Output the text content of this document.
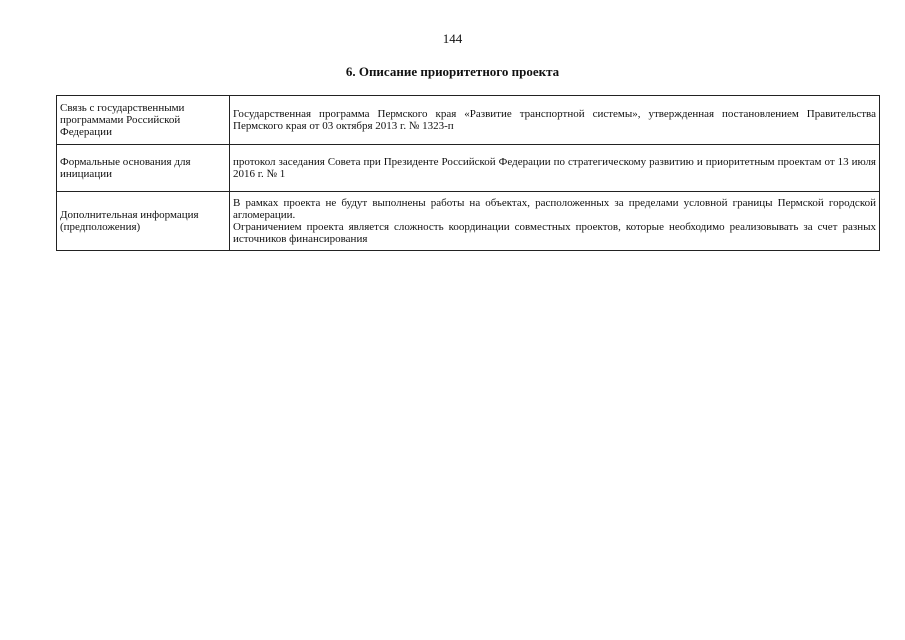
144
6. Описание приоритетного проекта
Связь с государственными программами Российской Федерации	Государственная программа Пермского края «Развитие транспортной системы», утвержденная постановлением Правительства Пермского края от 03 октября 2013 г. № 1323-п

Формальные основания для инициации	протокол заседания Совета при Президенте Российской Федерации по стратегическому развитию и приоритетным проектам от 13 июля 2016 г. № 1

Дополнительная информация (предположения)	В рамках проекта не будут выполнены работы на объектах, расположенных за пределами условной границы Пермской городской агломерации.
Ограничением проекта является сложность координации совместных проектов, которые необходимо реализовывать за счет разных источников финансирования
